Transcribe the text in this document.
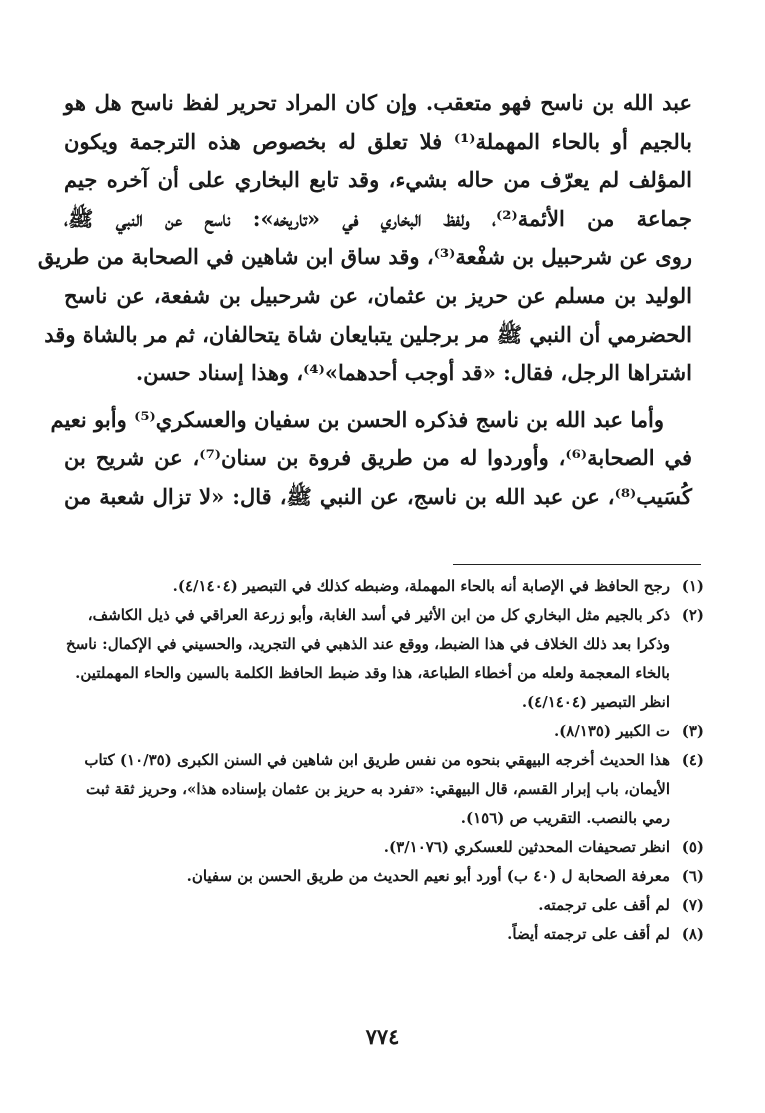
عبد الله بن ناسح فهو متعقب. وإن كان المراد تحرير لفظ ناسح هل هو
بالجيم أو بالحاء المهملة⁽¹⁾ فلا تعلق له بخصوص هذه الترجمة ويكون
المؤلف لم يعرّف من حاله بشيء، وقد تابع البخاري على أن آخره جيم
جماعة من الأئمة⁽²⁾، ولفظ البخاري في «تاريخه»: ناسح عن النبي ﷺ،
روى عن شرحبيل بن شفْعة⁽³⁾، وقد ساق ابن شاهين في الصحابة من طريق
الوليد بن مسلم عن حريز بن عثمان، عن شرحبيل بن شفعة، عن ناسح
الحضرمي أن النبي ﷺ مر برجلين يتبايعان شاة يتحالفان، ثم مر بالشاة وقد
اشتراها الرجل، فقال: «قد أوجب أحدهما»⁽⁴⁾، وهذا إسناد حسن.

وأما عبد الله بن ناسج فذكره الحسن بن سفيان والعسكري⁽⁵⁾ وأبو نعيم
في الصحابة⁽⁶⁾، وأوردوا له من طريق فروة بن سنان⁽⁷⁾، عن شريح بن
كُسَيب⁽⁸⁾، عن عبد الله بن ناسج، عن النبي ﷺ، قال: «لا تزال شعبة من

(١)
رجح الحافظ في الإصابة أنه بالحاء المهملة، وضبطه كذلك في التبصير (٤/١٤٠٤).
(٢)
ذكر بالجيم مثل البخاري كل من ابن الأثير في أسد الغابة، وأبو زرعة العراقي في ذيل الكاشف، وذكرا بعد ذلك الخلاف في هذا الضبط، ووقع عند الذهبي في التجريد، والحسيني في الإكمال: ناسخ بالخاء المعجمة ولعله من أخطاء الطباعة، هذا وقد ضبط الحافظ الكلمة بالسين والحاء المهملتين. انظر التبصير (٤/١٤٠٤).
(٣)
ت الكبير (٨/١٣٥).
(٤)
هذا الحديث أخرجه البيهقي بنحوه من نفس طريق ابن شاهين في السنن الكبرى (١٠/٣٥) كتاب الأيمان، باب إبرار القسم، قال البيهقي: «تفرد به حريز بن عثمان بإسناده هذا»، وحريز ثقة ثبت رمي بالنصب. التقريب ص (١٥٦).
(٥)
انظر تصحيفات المحدثين للعسكري (٣/١٠٧٦).
(٦)
معرفة الصحابة ل (٤٠ ب) أورد أبو نعيم الحديث من طريق الحسن بن سفيان.
(٧)
لم أقف على ترجمته.
(٨)
لم أقف على ترجمته أيضاً.
٧٧٤
